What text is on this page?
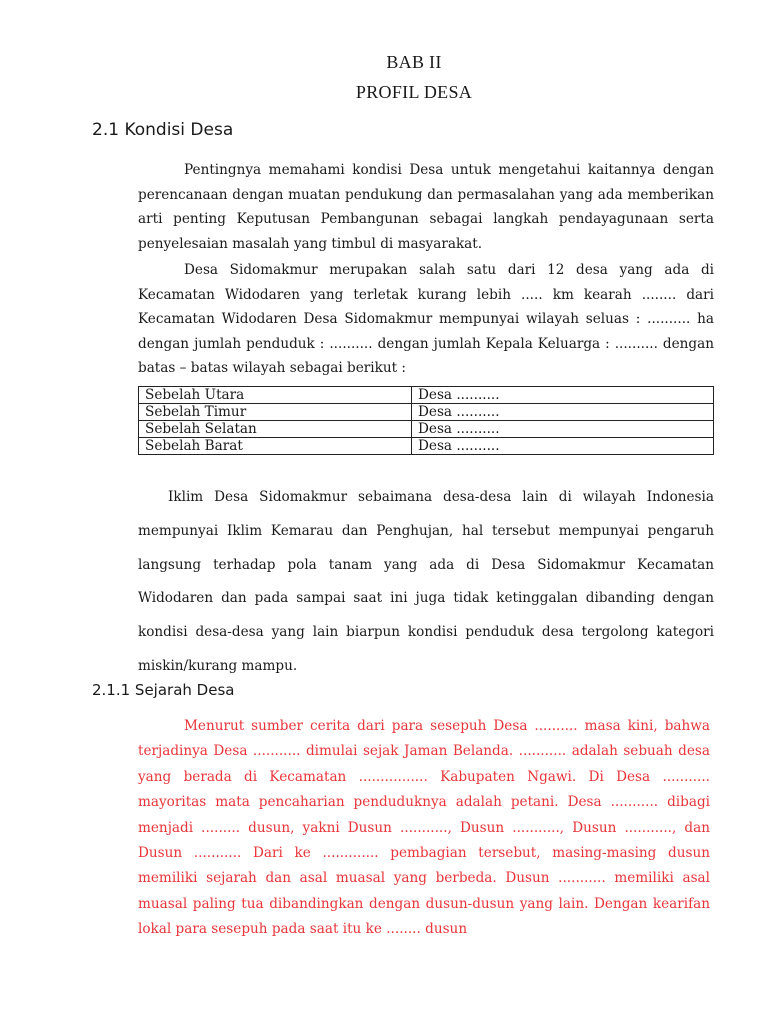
BAB II
PROFIL DESA
2.1 Kondisi Desa

Pentingnya memahami kondisi Desa untuk mengetahui kaitannya dengan perencanaan dengan muatan pendukung dan permasalahan yang ada memberikan arti penting Keputusan Pembangunan sebagai langkah pendayagunaan serta penyelesaian masalah yang timbul di masyarakat.

Desa Sidomakmur merupakan salah satu dari 12 desa yang ada di Kecamatan Widodaren yang terletak kurang lebih ..... km kearah ........ dari Kecamatan Widodaren Desa Sidomakmur mempunyai wilayah seluas : .......... ha dengan jumlah penduduk : .......... dengan jumlah Kepala Keluarga : .......... dengan batas – batas wilayah sebagai berikut :

Sebelah Utara	Desa ..........
Sebelah Timur	Desa ..........
Sebelah Selatan	Desa ..........
Sebelah Barat	Desa ..........

Iklim Desa Sidomakmur sebaimana desa-desa lain di wilayah Indonesia mempunyai Iklim Kemarau dan Penghujan, hal tersebut mempunyai pengaruh langsung terhadap pola tanam yang ada di Desa Sidomakmur Kecamatan Widodaren dan pada sampai saat ini juga tidak ketinggalan dibanding dengan kondisi desa-desa yang lain biarpun kondisi penduduk desa tergolong kategori miskin/kurang mampu.

2.1.1 Sejarah Desa

Menurut sumber cerita dari para sesepuh Desa .......... masa kini, bahwa terjadinya Desa ........... dimulai sejak Jaman Belanda. ........... adalah sebuah desa yang berada di Kecamatan ................ Kabupaten Ngawi. Di Desa ........... mayoritas mata pencaharian penduduknya adalah petani. Desa ........... dibagi menjadi ......... dusun, yakni Dusun ..........., Dusun ..........., Dusun ..........., dan Dusun ........... Dari ke ............. pembagian tersebut, masing-masing dusun memiliki sejarah dan asal muasal yang berbeda. Dusun ........... memiliki asal muasal paling tua dibandingkan dengan dusun-dusun yang lain. Dengan kearifan lokal para sesepuh pada saat itu ke ........ dusun
